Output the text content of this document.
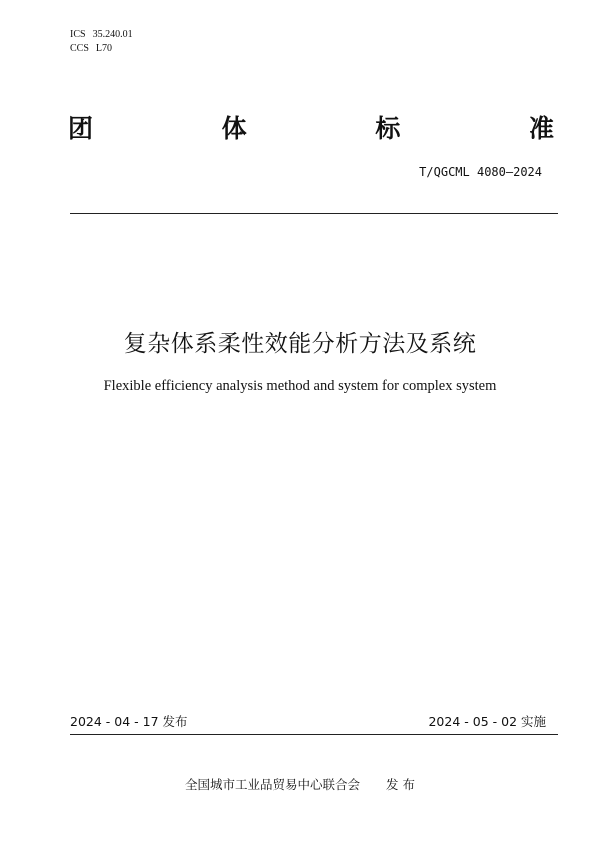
ICS 35.240.01
CCS L70
团	体	标	准
T/QGCML 4080—2024
复杂体系柔性效能分析方法及系统
Flexible efficiency analysis method and system for complex system
2024 - 04 - 17 发布	2024 - 05 - 02 实施
全国城市工业品贸易中心联合会 发 布
